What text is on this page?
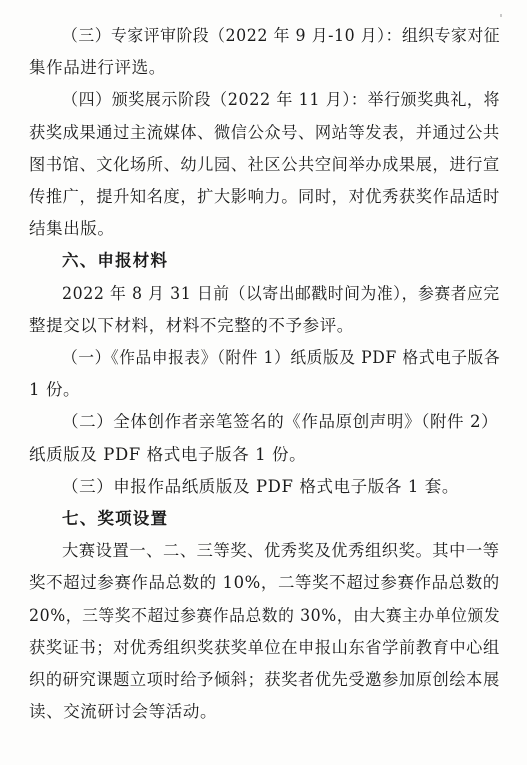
（三）专家评审阶段（2022 年 9 月-10 月）：组织专家对征
集作品进行评选。
（四）颁奖展示阶段（2022 年 11 月）：举行颁奖典礼，将
获奖成果通过主流媒体、微信公众号、网站等发表，并通过公共
图书馆、文化场所、幼儿园、社区公共空间举办成果展，进行宣
传推广，提升知名度，扩大影响力。同时，对优秀获奖作品适时
结集出版。
六、申报材料
2022 年 8 月 31 日前（以寄出邮戳时间为准），参赛者应完
整提交以下材料，材料不完整的不予参评。
（一）《作品申报表》（附件 1）纸质版及 PDF 格式电子版各
1 份。
（二）全体创作者亲笔签名的《作品原创声明》（附件 2）
纸质版及 PDF 格式电子版各 1 份。
（三）申报作品纸质版及 PDF 格式电子版各 1 套。
七、奖项设置
大赛设置一、二、三等奖、优秀奖及优秀组织奖。其中一等
奖不超过参赛作品总数的 10%，二等奖不超过参赛作品总数的
20%，三等奖不超过参赛作品总数的 30%，由大赛主办单位颁发
获奖证书；对优秀组织奖获奖单位在申报山东省学前教育中心组
织的研究课题立项时给予倾斜；获奖者优先受邀参加原创绘本展
读、交流研讨会等活动。
